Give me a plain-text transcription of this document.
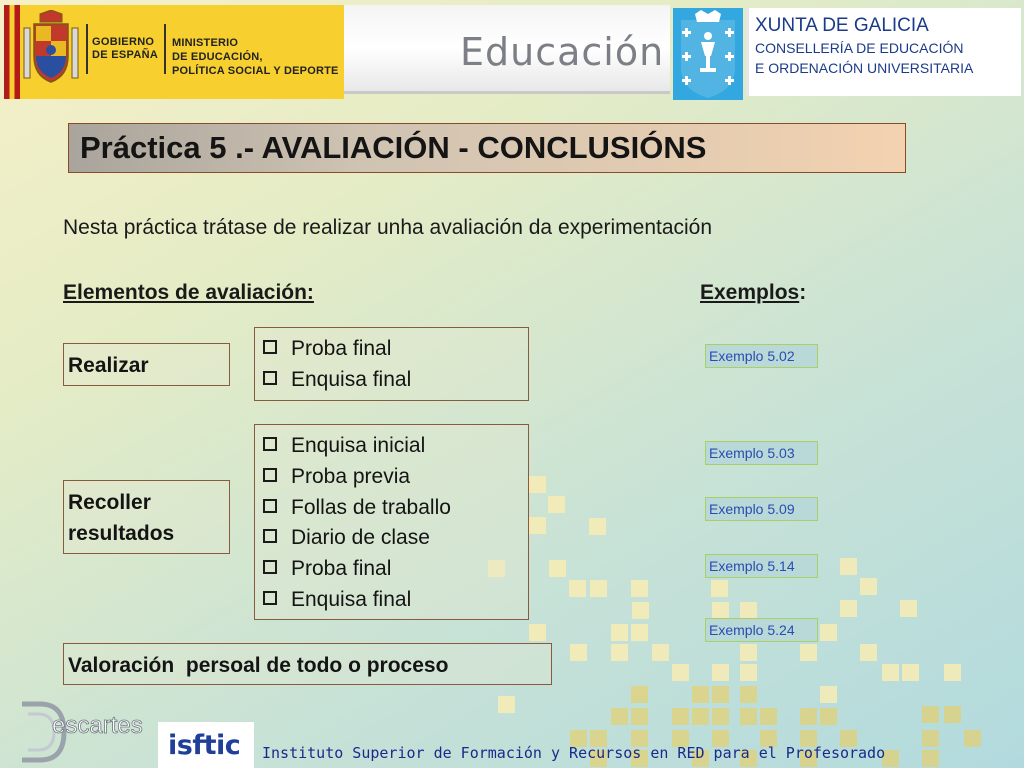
GOBIERNO
DE ESPAÑA
MINISTERIO
DE EDUCACIÓN,
POLÍTICA SOCIAL Y DEPORTE	Educación
XUNTA DE GALICIA
CONSELLERÍA DE EDUCACIÓN
E ORDENACIÓN UNIVERSITARIA
Práctica 5 .- AVALIACIÓN - CONCLUSIÓNS
Nesta práctica trátase de realizar unha avaliación da experimentación
Elementos de avaliación:	Exemplos:
Realizar
Proba final
Enquisa final
Recoller
resultados
Enquisa inicial
Proba previa
Follas de traballo
Diario de clase
Proba final
Enquisa final
Valoración  persoal de todo o proceso
Exemplo 5.02
Exemplo 5.03
Exemplo 5.09
Exemplo 5.14
Exemplo 5.24
escartes
isftic Instituto Superior de Formación y Recursos en RED para el Profesorado
